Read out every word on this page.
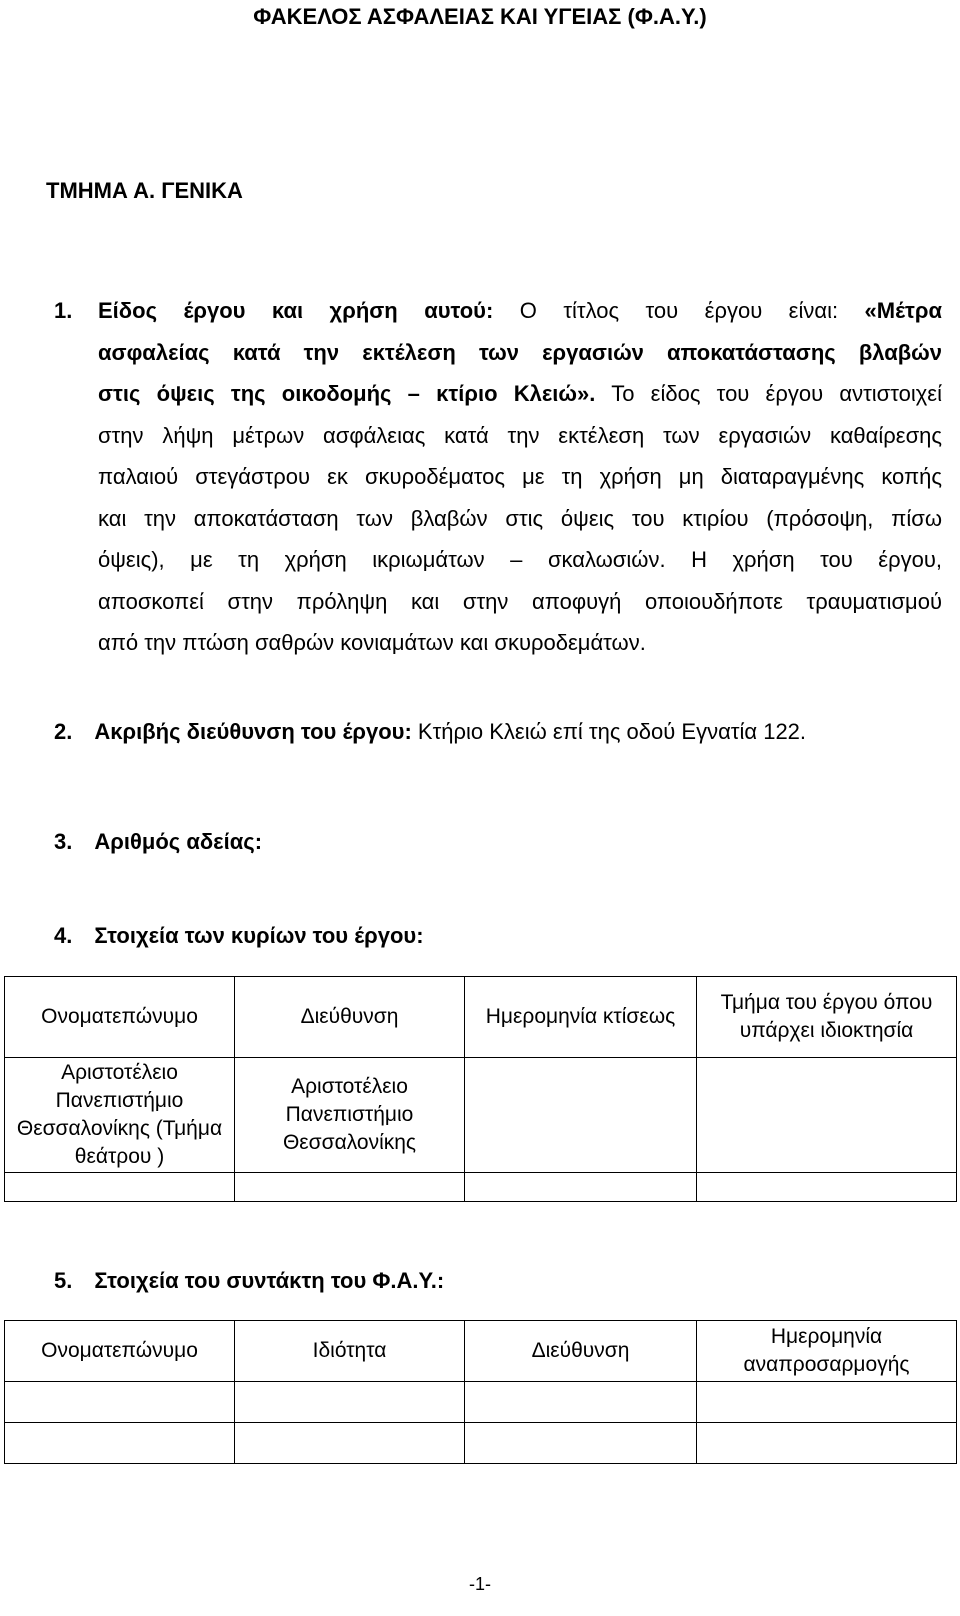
ΦΑΚΕΛΟΣ ΑΣΦΑΛΕΙΑΣ ΚΑΙ ΥΓΕΙΑΣ (Φ.Α.Υ.)
ΤΜΗΜΑ Α. ΓΕΝΙΚΑ
1. Είδος έργου και χρήση αυτού: Ο τίτλος του έργου είναι: «Μέτρα
ασφαλείας κατά την εκτέλεση των εργασιών αποκατάστασης βλαβών
στις όψεις της οικοδομής – κτίριο Κλειώ». Το είδος του έργου αντιστοιχεί
στην λήψη μέτρων ασφάλειας κατά την εκτέλεση των εργασιών καθαίρεσης
παλαιού στεγάστρου εκ σκυροδέματος με τη χρήση μη διαταραγμένης κοπής
και την αποκατάσταση των βλαβών στις όψεις του κτιρίου (πρόσοψη, πίσω
όψεις), με τη χρήση ικριωμάτων – σκαλωσιών. Η χρήση του έργου,
αποσκοπεί στην πρόληψη και στην αποφυγή οποιουδήποτε τραυματισμού
από την πτώση σαθρών κονιαμάτων και σκυροδεμάτων.
2. Ακριβής διεύθυνση του έργου: Κτήριο Κλειώ επί της οδού Εγνατία 122.
3. Αριθμός αδείας:
4. Στοιχεία των κυρίων του έργου:
Ονοματεπώνυμο	Διεύθυνση	Ημερομηνία κτίσεως	Τμήμα του έργου όπου υπάρχει ιδιοκτησία
Αριστοτέλειο Πανεπιστήμιο Θεσσαλονίκης (Τμήμα θεάτρου )	Αριστοτέλειο Πανεπιστήμιο Θεσσαλονίκης		

5. Στοιχεία του συντάκτη του Φ.Α.Υ.:
Ονοματεπώνυμο	Ιδιότητα	Διεύθυνση	Ημερομηνία αναπροσαρμογής

-1-
